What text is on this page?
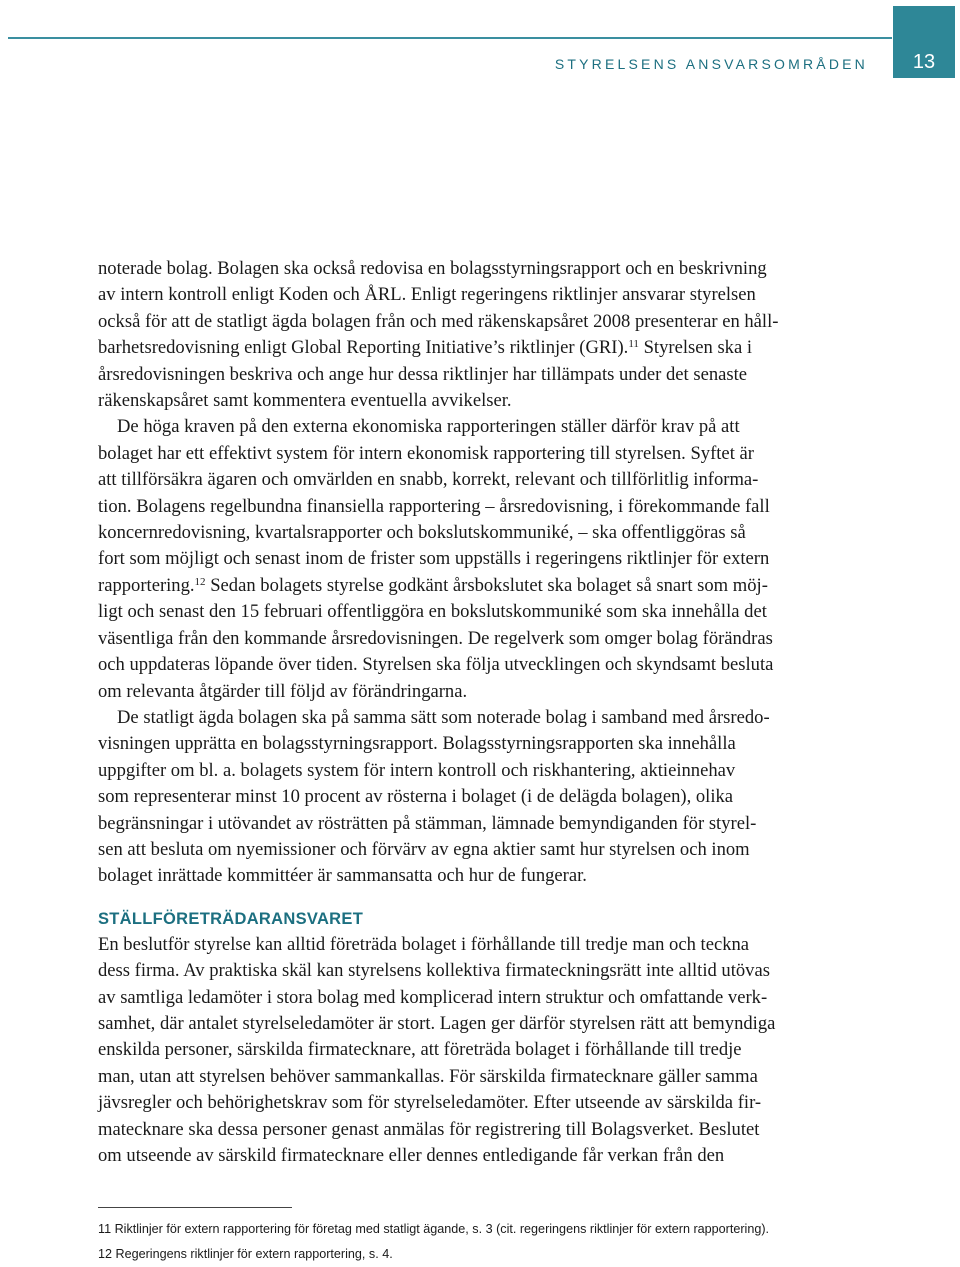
STYRELSENS ANSVARSOMRÅDEN 13
noterade bolag. Bolagen ska också redovisa en bolagsstyrningsrapport och en beskrivning
av intern kontroll enligt Koden och ÅRL. Enligt regeringens riktlinjer ansvarar styrelsen
också för att de statligt ägda bolagen från och med räkenskapsåret 2008 presenterar en håll-
barhetsredovisning enligt Global Reporting Initiative’s riktlinjer (GRI).$^{11}$ Styrelsen ska i
årsredovisningen beskriva och ange hur dessa riktlinjer har tillämpats under det senaste
räkenskapsåret samt kommentera eventuella avvikelser.
De höga kraven på den externa ekonomiska rapporteringen ställer därför krav på att
bolaget har ett effektivt system för intern ekonomisk rapportering till styrelsen. Syftet är
att tillförsäkra ägaren och omvärlden en snabb, korrekt, relevant och tillförlitlig informa-
tion. Bolagens regelbundna finansiella rapportering – årsredovisning, i förekommande fall
koncernredovisning, kvartalsrapporter och bokslutskommuniké, – ska offentliggöras så
fort som möjligt och senast inom de frister som uppställs i regeringens riktlinjer för extern
rapportering.$^{12}$ Sedan bolagets styrelse godkänt årsbokslutet ska bolaget så snart som möj-
ligt och senast den 15 februari offentliggöra en bokslutskommuniké som ska innehålla det
väsentliga från den kommande årsredovisningen. De regelverk som omger bolag förändras
och uppdateras löpande över tiden. Styrelsen ska följa utvecklingen och skyndsamt besluta
om relevanta åtgärder till följd av förändringarna.
De statligt ägda bolagen ska på samma sätt som noterade bolag i samband med årsredo-
visningen upprätta en bolagsstyrningsrapport. Bolagsstyrningsrapporten ska innehålla
uppgifter om bl. a. bolagets system för intern kontroll och riskhantering, aktieinnehav
som representerar minst 10 procent av rösterna i bolaget (i de delägda bolagen), olika
begränsningar i utövandet av rösträtten på stämman, lämnade bemyndiganden för styrel-
sen att besluta om nyemissioner och förvärv av egna aktier samt hur styrelsen och inom
bolaget inrättade kommittéer är sammansatta och hur de fungerar.
STÄLLFÖRETRÄDARANSVARET
En beslutför styrelse kan alltid företräda bolaget i förhållande till tredje man och teckna
dess firma. Av praktiska skäl kan styrelsens kollektiva firmateckningsrätt inte alltid utövas
av samtliga ledamöter i stora bolag med komplicerad intern struktur och omfattande verk-
samhet, där antalet styrelseledamöter är stort. Lagen ger därför styrelsen rätt att bemyndiga
enskilda personer, särskilda firmatecknare, att företräda bolaget i förhållande till tredje
man, utan att styrelsen behöver sammankallas. För särskilda firmatecknare gäller samma
jävsregler och behörighetskrav som för styrelseledamöter. Efter utseende av särskilda fir-
matecknare ska dessa personer genast anmälas för registrering till Bolagsverket. Beslutet
om utseende av särskild firmatecknare eller dennes entledigande får verkan från den
11 Riktlinjer för extern rapportering för företag med statligt ägande, s. 3 (cit. regeringens riktlinjer för extern rapportering).
12 Regeringens riktlinjer för extern rapportering, s. 4.
